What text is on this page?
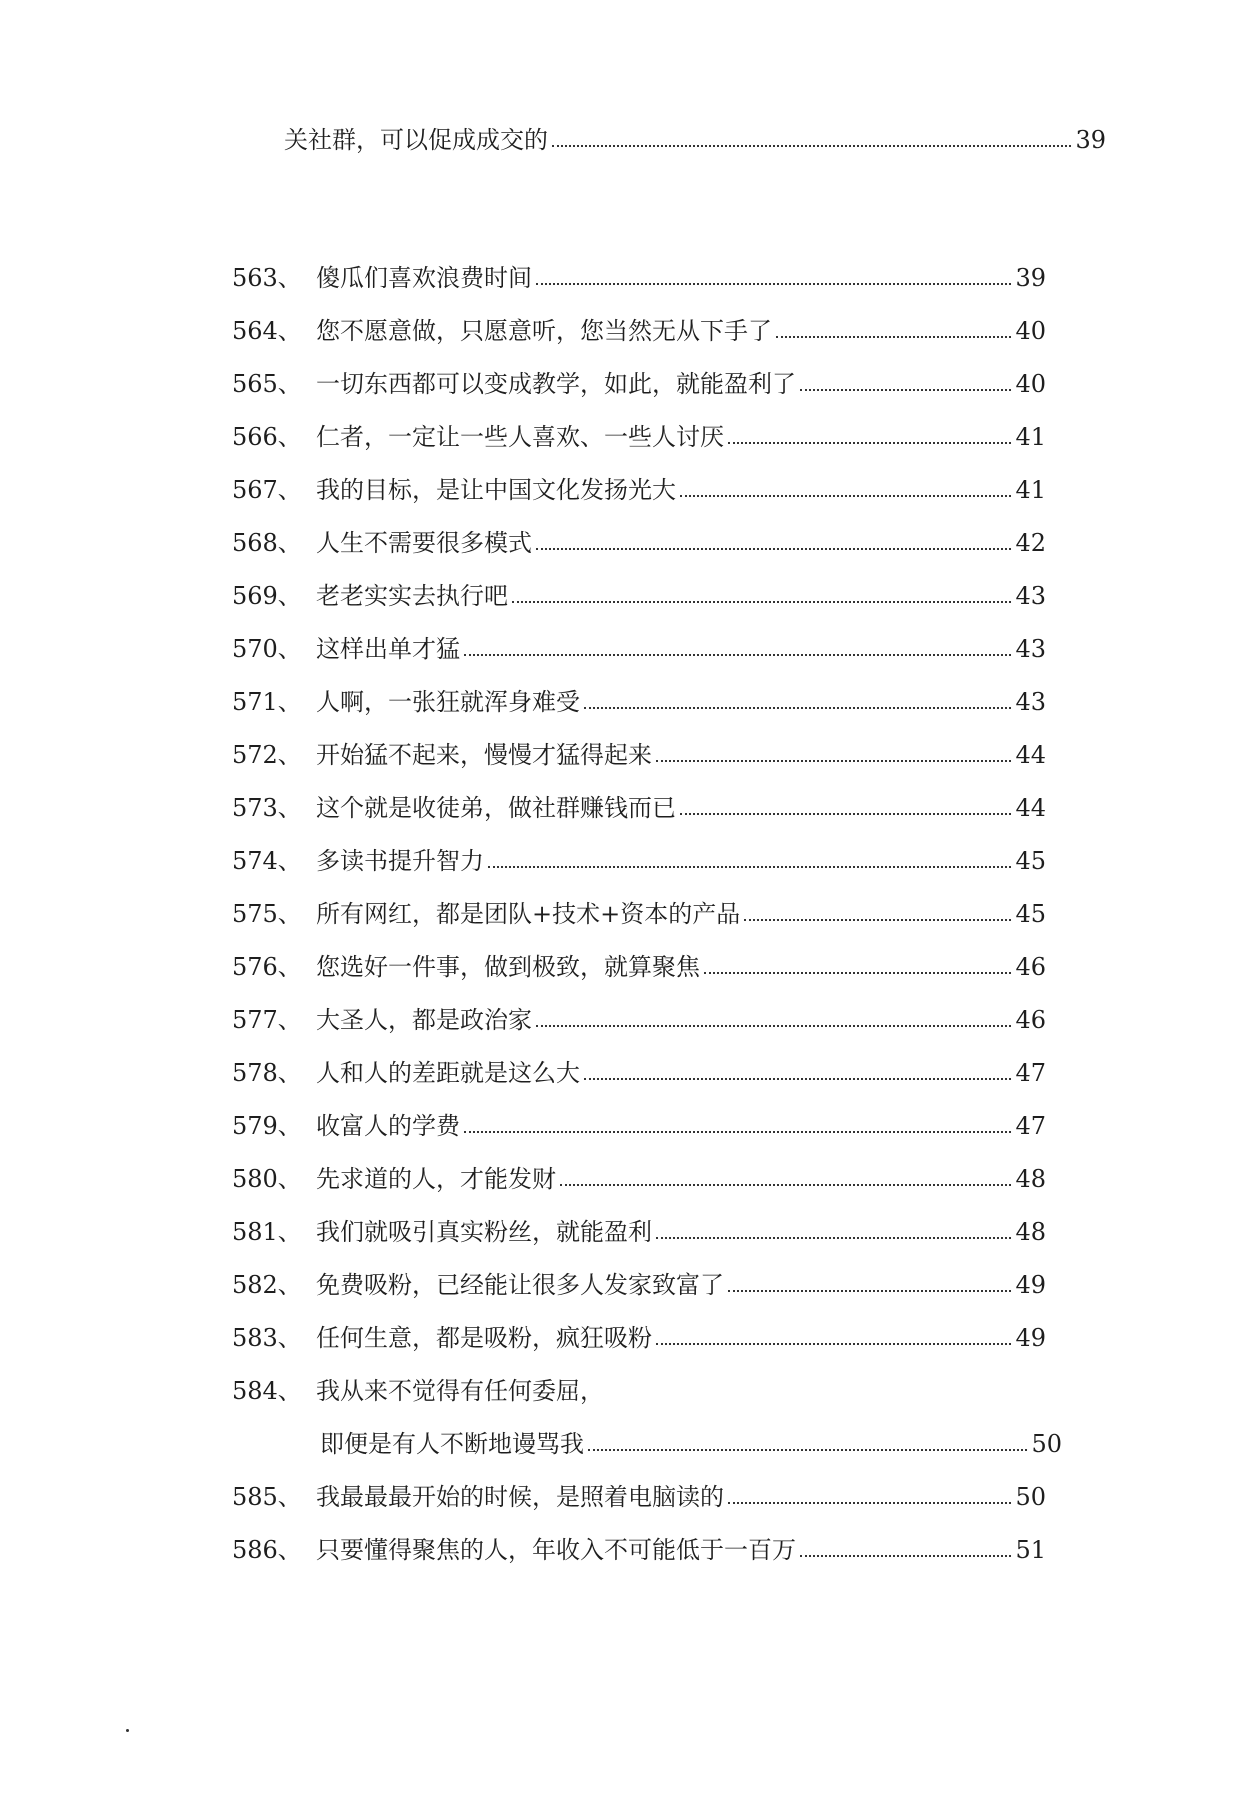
关社群，可以促成成交的	39
563、 傻瓜们喜欢浪费时间	39
564、 您不愿意做，只愿意听，您当然无从下手了	40
565、 一切东西都可以变成教学，如此，就能盈利了	40
566、 仁者，一定让一些人喜欢、一些人讨厌	41
567、 我的目标，是让中国文化发扬光大	41
568、 人生不需要很多模式	42
569、 老老实实去执行吧	43
570、 这样出单才猛	43
571、 人啊，一张狂就浑身难受	43
572、 开始猛不起来，慢慢才猛得起来	44
573、 这个就是收徒弟，做社群赚钱而已	44
574、 多读书提升智力	45
575、 所有网红，都是团队+技术+资本的产品	45
576、 您选好一件事，做到极致，就算聚焦	46
577、 大圣人，都是政治家	46
578、 人和人的差距就是这么大	47
579、 收富人的学费	47
580、 先求道的人，才能发财	48
581、 我们就吸引真实粉丝，就能盈利	48
582、 免费吸粉，已经能让很多人发家致富了	49
583、 任何生意，都是吸粉，疯狂吸粉	49
584、 我从来不觉得有任何委屈，
即便是有人不断地谩骂我	50
585、 我最最最开始的时候，是照着电脑读的	50
586、 只要懂得聚焦的人，年收入不可能低于一百万	51
